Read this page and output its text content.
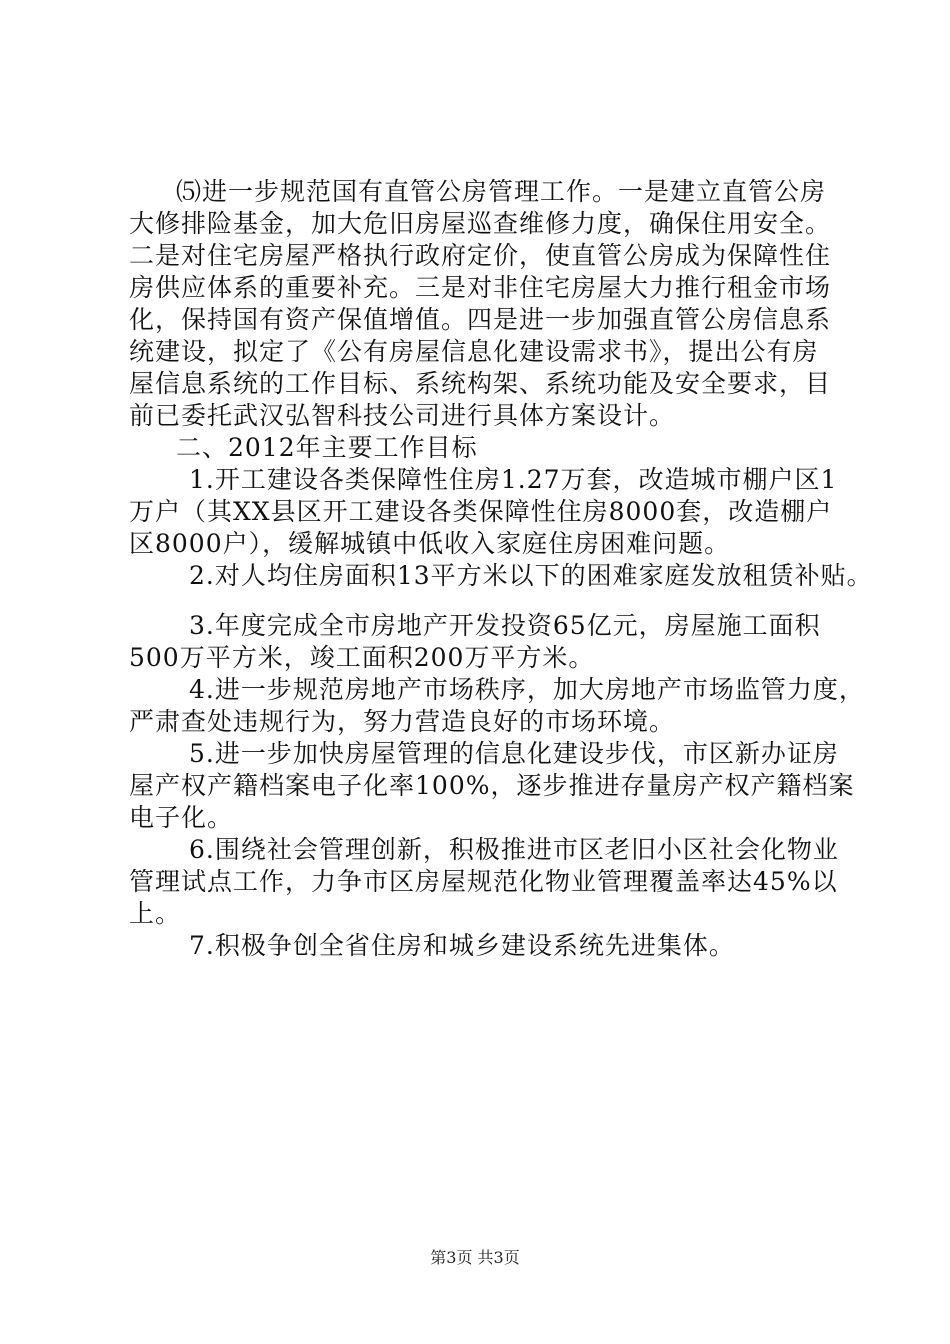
⑸进一步规范国有直管公房管理工作。一是建立直管公房
大修排险基金，加大危旧房屋巡查维修力度，确保住用安全。
二是对住宅房屋严格执行政府定价，使直管公房成为保障性住
房供应体系的重要补充。三是对非住宅房屋大力推行租金市场
化，保持国有资产保值增值。四是进一步加强直管公房信息系
统建设，拟定了《公有房屋信息化建设需求书》，提出公有房
屋信息系统的工作目标、系统构架、系统功能及安全要求，目
前已委托武汉弘智科技公司进行具体方案设计。
二、2012年主要工作目标
1.开工建设各类保障性住房1.27万套，改造城市棚户区1
万户（其XX县区开工建设各类保障性住房8000套，改造棚户
区8000户），缓解城镇中低收入家庭住房困难问题。
2.对人均住房面积13平方米以下的困难家庭发放租赁补贴。
3.年度完成全市房地产开发投资65亿元，房屋施工面积
500万平方米，竣工面积200万平方米。
4.进一步规范房地产市场秩序，加大房地产市场监管力度，
严肃查处违规行为，努力营造良好的市场环境。
5.进一步加快房屋管理的信息化建设步伐，市区新办证房
屋产权产籍档案电子化率100%，逐步推进存量房产权产籍档案
电子化。
6.围绕社会管理创新，积极推进市区老旧小区社会化物业
管理试点工作，力争市区房屋规范化物业管理覆盖率达45%以
上。
7.积极争创全省住房和城乡建设系统先进集体。
第3页 共3页
